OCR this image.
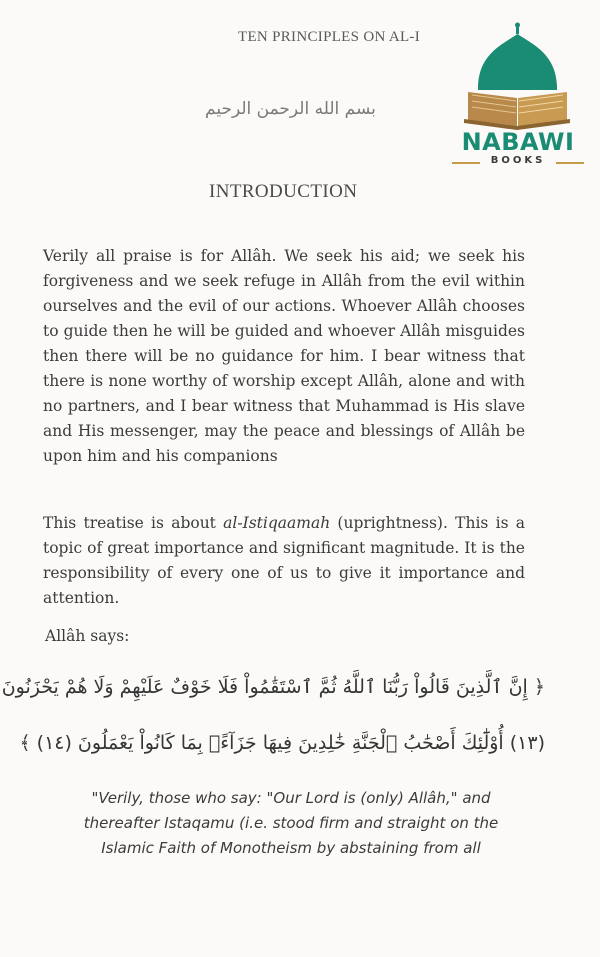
TEN PRINCIPLES ON AL-I
NABAWI
BOOKS
بسم الله الرحمن الرحيم
INTRODUCTION
Verily all praise is for Allâh. We seek his aid; we seek his forgiveness and we seek refuge in Allâh from the evil within ourselves and the evil of our actions. Whoever Allâh chooses to guide then he will be guided and whoever Allâh misguides then there will be no guidance for him. I bear witness that there is none worthy of worship except Allâh, alone and with no partners, and I bear witness that Muhammad is His slave and His messenger, may the peace and blessings of Allâh be upon him and his companions
This treatise is about al-Istiqaamah (uprightness). This is a topic of great importance and significant magnitude. It is the responsibility of every one of us to give it importance and attention.
Allâh says:
﴿ إِنَّ ٱلَّذِينَ قَالُواْ رَبُّنَا ٱللَّهُ ثُمَّ ٱسْتَقَٰمُواْ فَلَا خَوْفٌ عَلَيْهِمْ وَلَا هُمْ يَحْزَنُونَ
(١٣) أُوْلَٰٓئِكَ أَصْحَٰبُ ٱلْجَنَّةِ خَٰلِدِينَ فِيهَا جَزَآءًۢ بِمَا كَانُواْ يَعْمَلُونَ (١٤) ﴾
"Verily, those who say: "Our Lord is (only) Allâh," and
thereafter Istaqamu (i.e. stood firm and straight on the
Islamic Faith of Monotheism by abstaining from all
